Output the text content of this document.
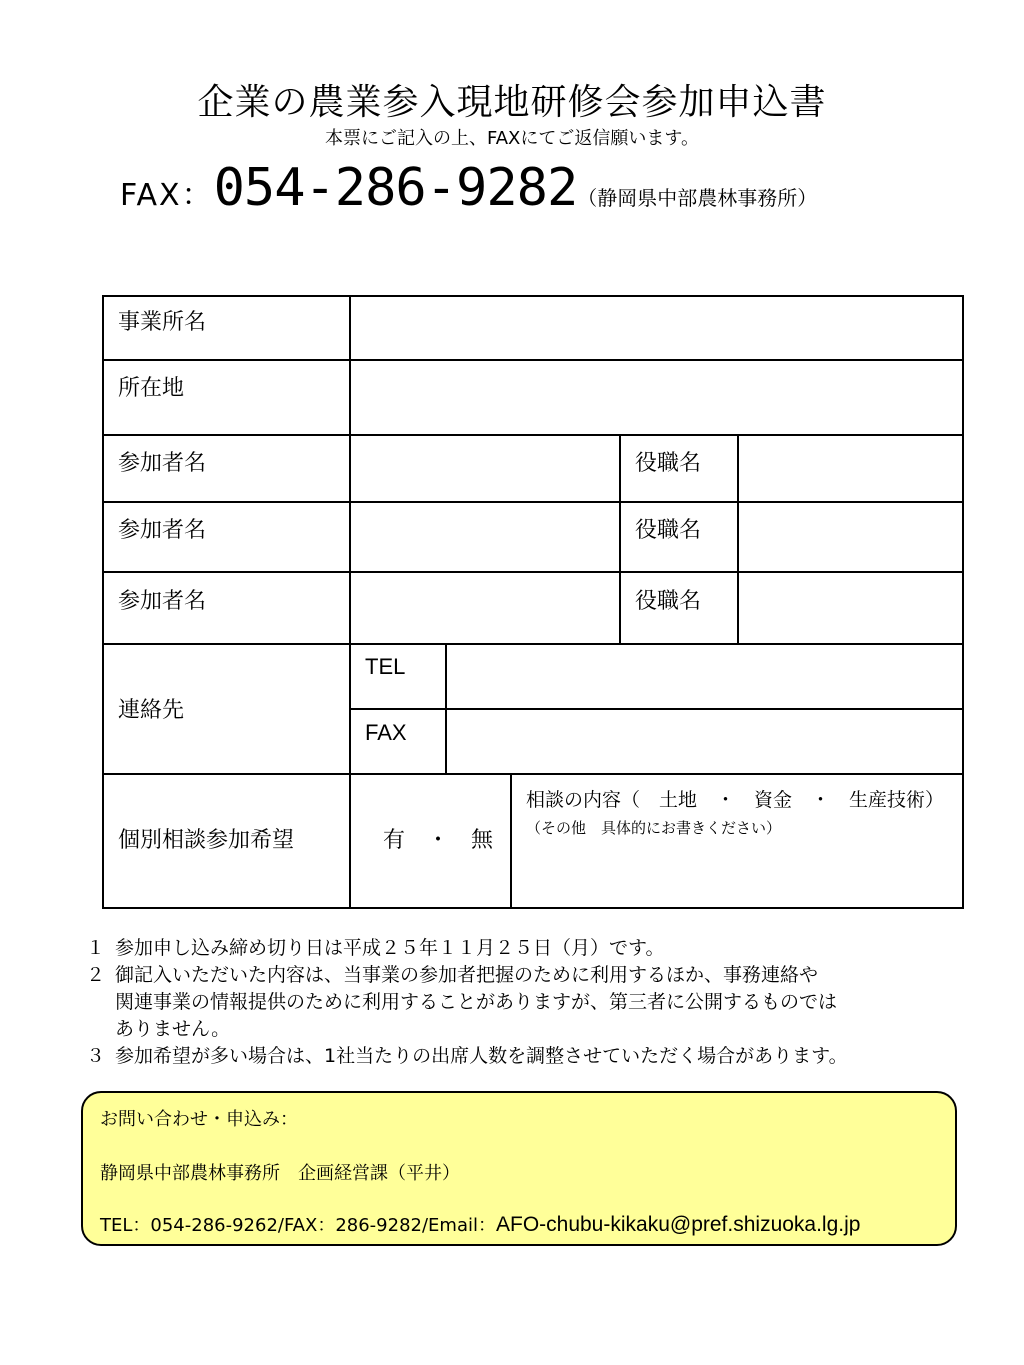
企業の農業参入現地研修会参加申込書
本票にご記入の上、FAXにてご返信願います。
FAX：054-286-9282（静岡県中部農林事務所）
事業所名
所在地
参加者名	役職名
参加者名	役職名
参加者名	役職名
連絡先
TEL
FAX
個別相談参加希望	有　・　無
相談の内容（　土地　・　資金　・　生産技術）
（その他　具体的にお書きください）
１ 参加申し込み締め切り日は平成２５年１１月２５日（月）です。
２ 御記入いただいた内容は、当事業の参加者把握のために利用するほか、事務連絡や
関連事業の情報提供のために利用することがありますが、第三者に公開するものでは
ありません。
３ 参加希望が多い場合は、1社当たりの出席人数を調整させていただく場合があります。
お問い合わせ・申込み：
静岡県中部農林事務所　企画経営課（平井）
TEL：054-286-9262/FAX：286-9282/Email：AFO-chubu-kikaku@pref.shizuoka.lg.jp
